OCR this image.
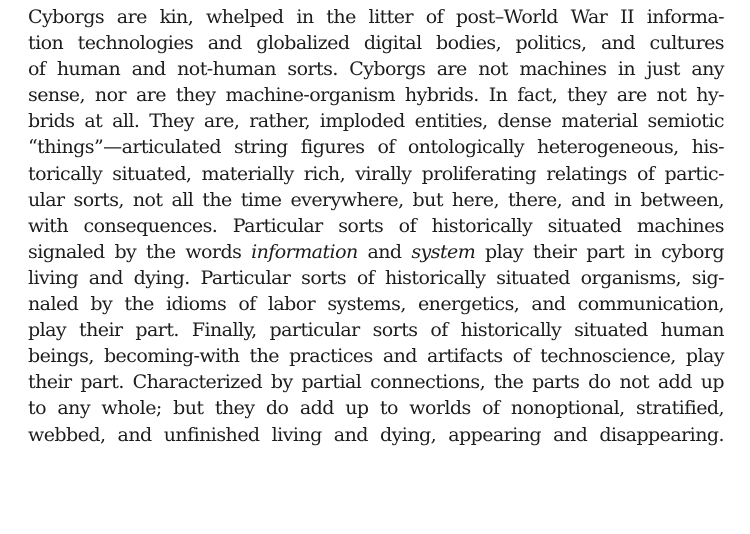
Cyborgs are kin, whelped in the litter of post–World War II informa-
tion technologies and globalized digital bodies, politics, and cultures
of human and not-human sorts. Cyborgs are not machines in just any
sense, nor are they machine-organism hybrids. In fact, they are not hy-
brids at all. They are, rather, imploded entities, dense material semiotic
“things”—articulated string figures of ontologically heterogeneous, his-
torically situated, materially rich, virally proliferating relatings of partic-
ular sorts, not all the time everywhere, but here, there, and in between,
with consequences. Particular sorts of historically situated machines
signaled by the words information and system play their part in cyborg
living and dying. Particular sorts of historically situated organisms, sig-
naled by the idioms of labor systems, energetics, and communication,
play their part. Finally, particular sorts of historically situated human
beings, becoming-with the practices and artifacts of technoscience, play
their part. Characterized by partial connections, the parts do not add up
to any whole; but they do add up to worlds of nonoptional, stratified,
webbed, and unfinished living and dying, appearing and disappearing.
